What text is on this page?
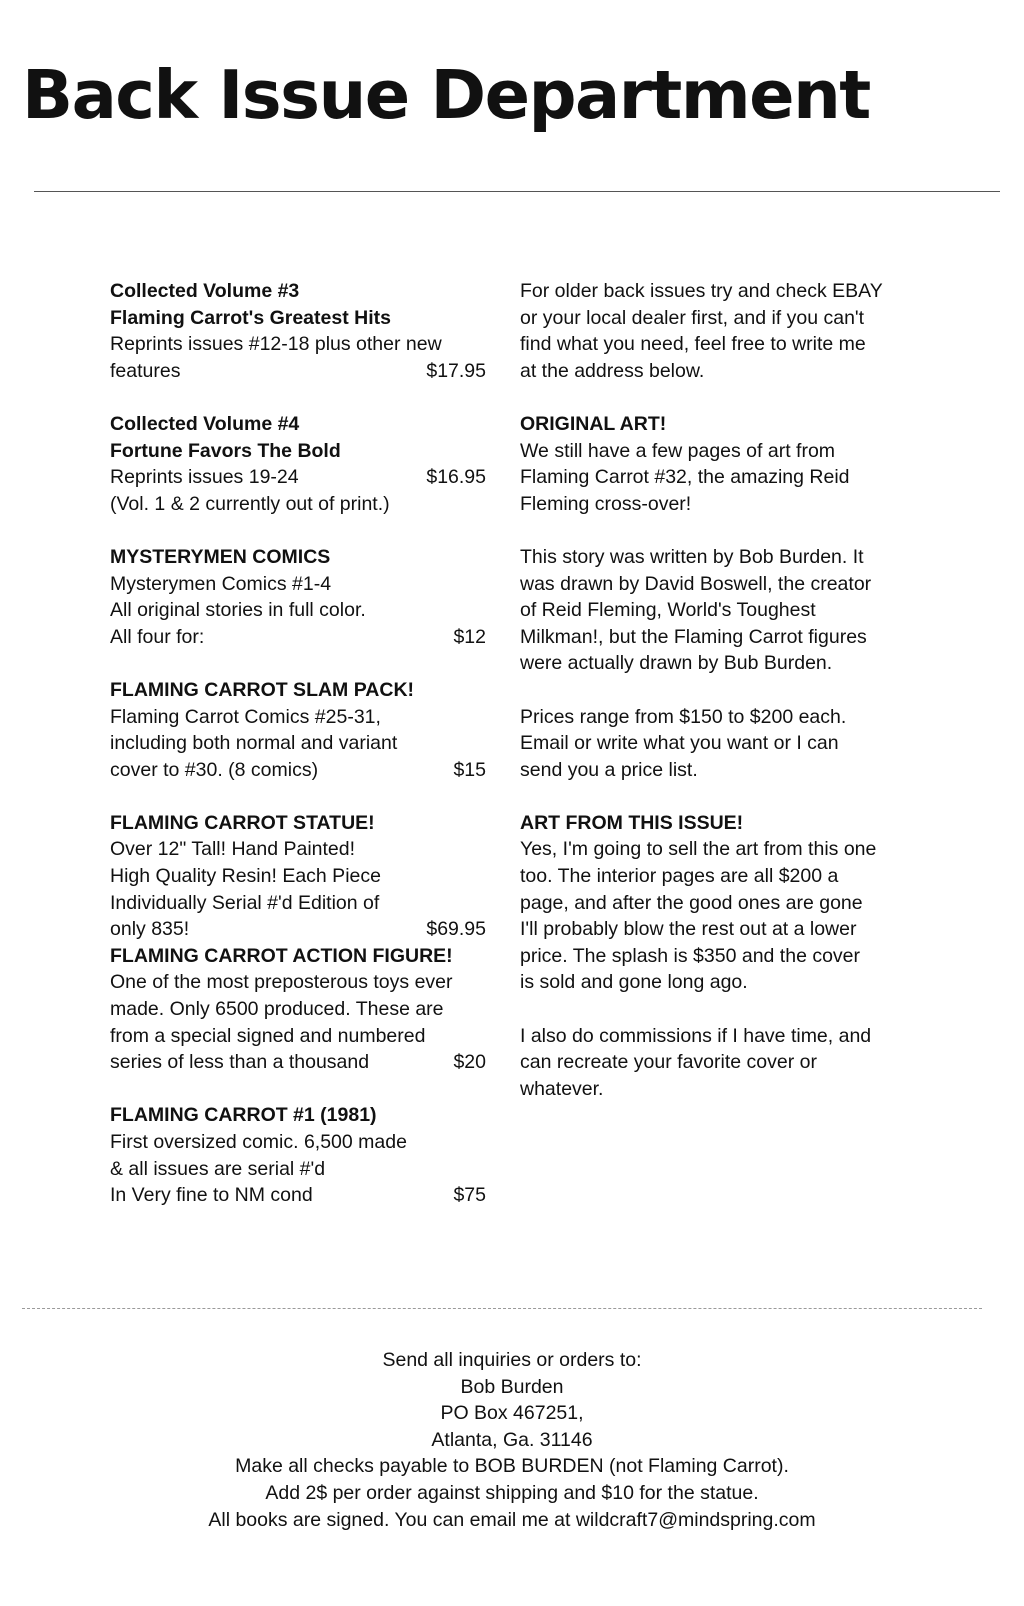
Back Issue Department
Collected Volume #3
Flaming Carrot's Greatest Hits
Reprints issues #12-18 plus other new
features	$17.95
Collected Volume #4
Fortune Favors The Bold
Reprints issues 19-24	$16.95
(Vol. 1 & 2 currently out of print.)
MYSTERYMEN COMICS
Mysterymen Comics #1-4
All original stories in full color.
All four for:	$12
FLAMING CARROT SLAM PACK!
Flaming Carrot Comics #25-31,
including both normal and variant
cover to #30. (8 comics)	$15
FLAMING CARROT STATUE!
Over 12" Tall! Hand Painted!
High Quality Resin! Each Piece
Individually Serial #'d Edition of
only 835!	$69.95
FLAMING CARROT ACTION FIGURE!
One of the most preposterous toys ever
made. Only 6500 produced. These are
from a special signed and numbered
series of less than a thousand	$20
FLAMING CARROT #1 (1981)
First oversized comic. 6,500 made
& all issues are serial #'d
In Very fine to NM cond	$75
For older back issues try and check EBAY
or your local dealer first, and if you can't
find what you need, feel free to write me
at the address below.
ORIGINAL ART!
We still have a few pages of art from
Flaming Carrot #32, the amazing Reid
Fleming cross-over!
This story was written by Bob Burden. It
was drawn by David Boswell, the creator
of Reid Fleming, World's Toughest
Milkman!, but the Flaming Carrot figures
were actually drawn by Bub Burden.
Prices range from $150 to $200 each.
Email or write what you want or I can
send you a price list.
ART FROM THIS ISSUE!
Yes, I'm going to sell the art from this one
too. The interior pages are all $200 a
page, and after the good ones are gone
I'll probably blow the rest out at a lower
price. The splash is $350 and the cover
is sold and gone long ago.
I also do commissions if I have time, and
can recreate your favorite cover or
whatever.
Send all inquiries or orders to:
Bob Burden
PO Box 467251,
Atlanta, Ga. 31146
Make all checks payable to BOB BURDEN (not Flaming Carrot).
Add 2$ per order against shipping and $10 for the statue.
All books are signed. You can email me at wildcraft7@mindspring.com
